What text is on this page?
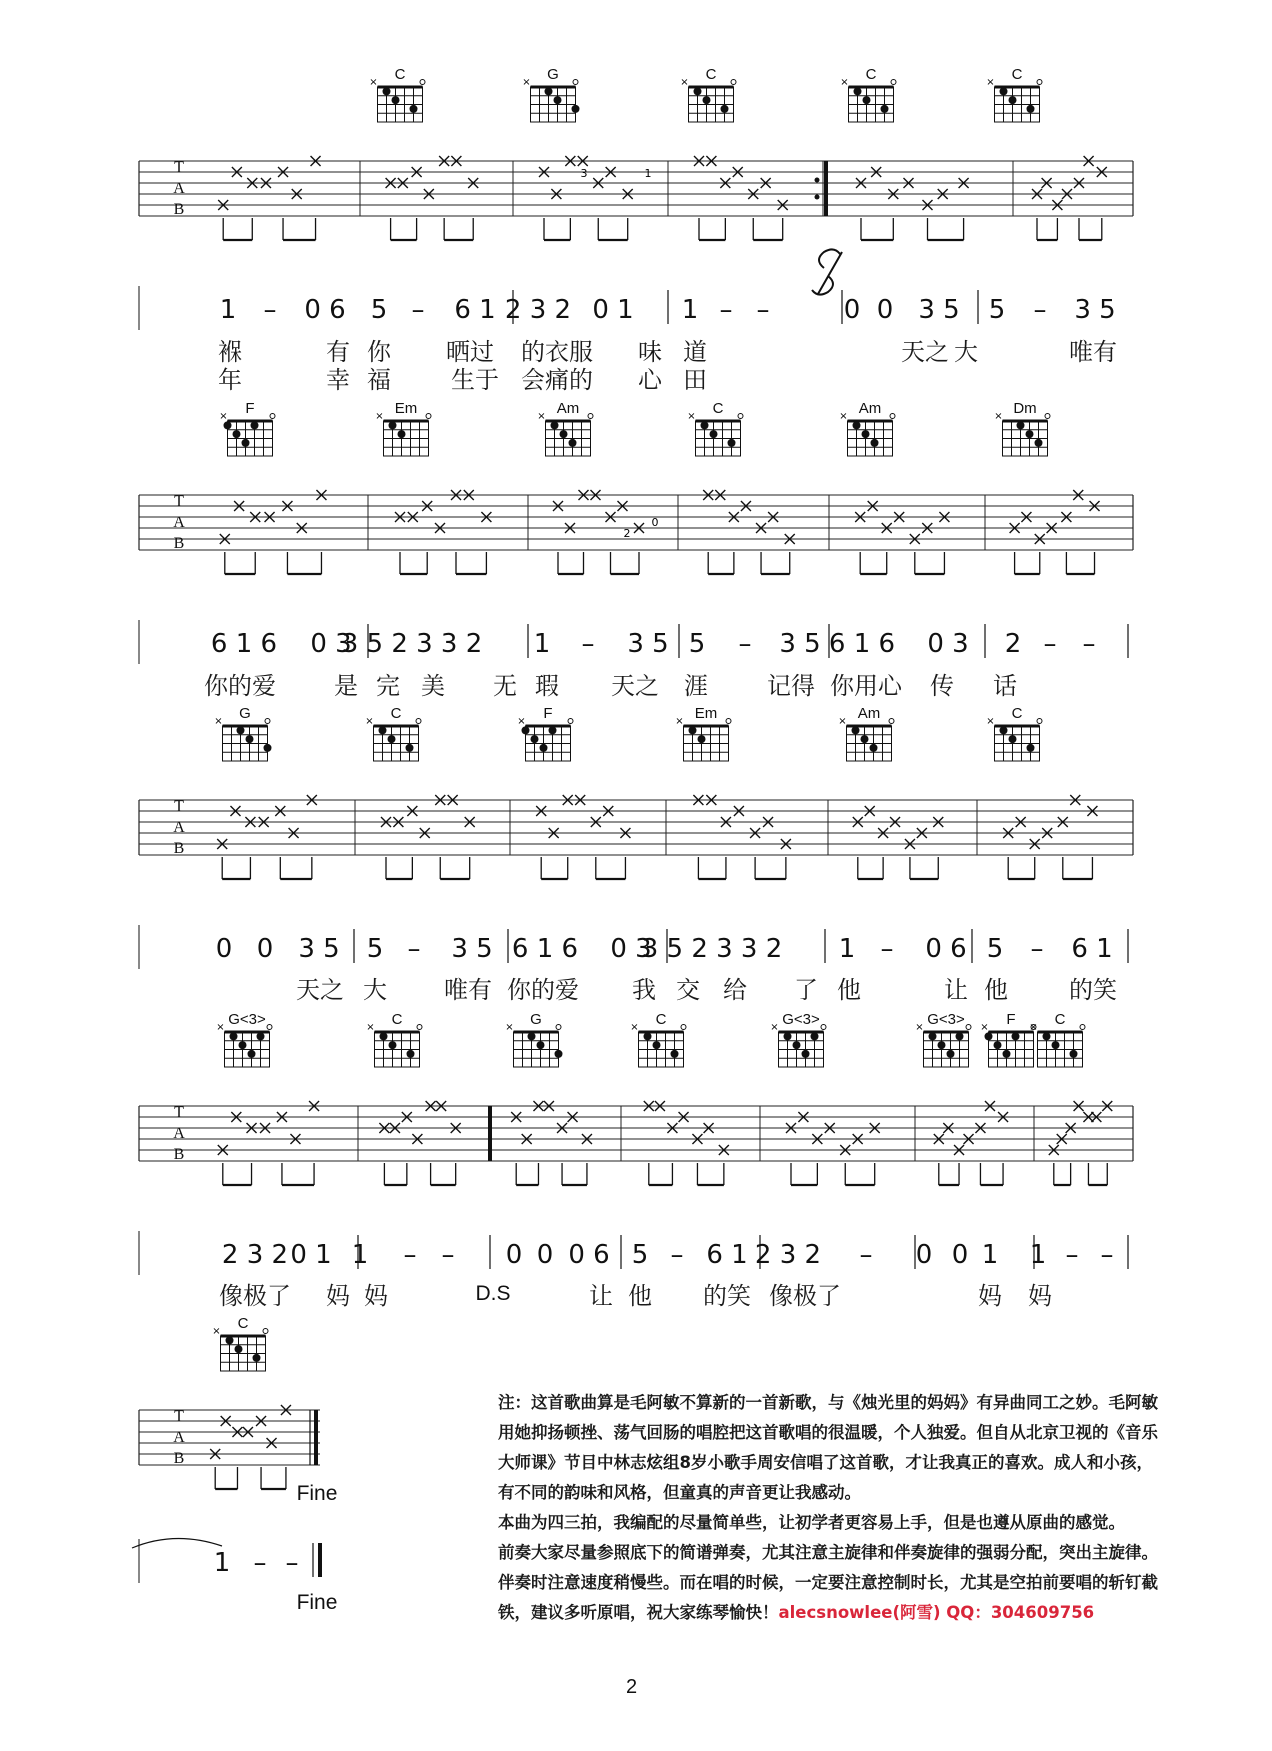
T
A
B
3	1
1 – 0 6 5 – 6 1 2 3 2 0 1 1 – –	0 0 3 5 5 – 3 5
褓	有 你 晒过 的衣服 味 道	天之 大	唯有
年	幸 福	生于 会痛的 心 田
C
×	G
×	C
×	C
×	C
×
T
A
B
2
0
6 1 6 0 3
3 5 2 3 3 2 1 – 3 5 5 – 3 5 6 1 6 0 3 2 – –
你的爱 是 完 美 无 瑕 天之 涯 记得 你用心 传 话
F
×	Em
×	Am
×	C
×	Am
×	Dm
×
T
A
B
0 0 3 5 5 – 3 5 6 1 6 0 3
3 5 2 3 3 2 1 – 0 6 5 – 6 1
天之 大 唯有 你的爱 我 交 给 了 他	让 他	的笑
G
×	C
×	F
×	Em
×	Am
×	C
×
T
A
B
2 3 2 0 1 1 – – 0 0 0 6 5 – 6 1 2 3 2 – 0 0 1 1 – –
像极了 妈 妈	让 他 的笑 像极了	妈 妈
D.S
G<3>
×	C
×	G
×	C
×	G<3>
×	G<3>
×	F
×	C
×
T
A
B
1 – –
Fine
Fine
C
×

注：这首歌曲算是毛阿敏不算新的一首新歌，与《烛光里的妈妈》有异曲同工之妙。毛阿敏用她抑扬顿挫、荡气回肠的唱腔把这首歌唱的很温暖，个人独爱。但自从北京卫视的《音乐大师课》节目中林志炫组8岁小歌手周安信唱了这首歌，才让我真正的喜欢。成人和小孩，有不同的韵味和风格，但童真的声音更让我感动。

本曲为四三拍，我编配的尽量简单些，让初学者更容易上手，但是也遵从原曲的感觉。

前奏大家尽量参照底下的简谱弹奏，尤其注意主旋律和伴奏旋律的强弱分配，突出主旋律。伴奏时注意速度稍慢些。而在唱的时候，一定要注意控制时长，尤其是空拍前要唱的斩钉截铁，建议多听原唱，祝大家练琴愉快！alecsnowlee(阿雪) QQ：304609756

2
